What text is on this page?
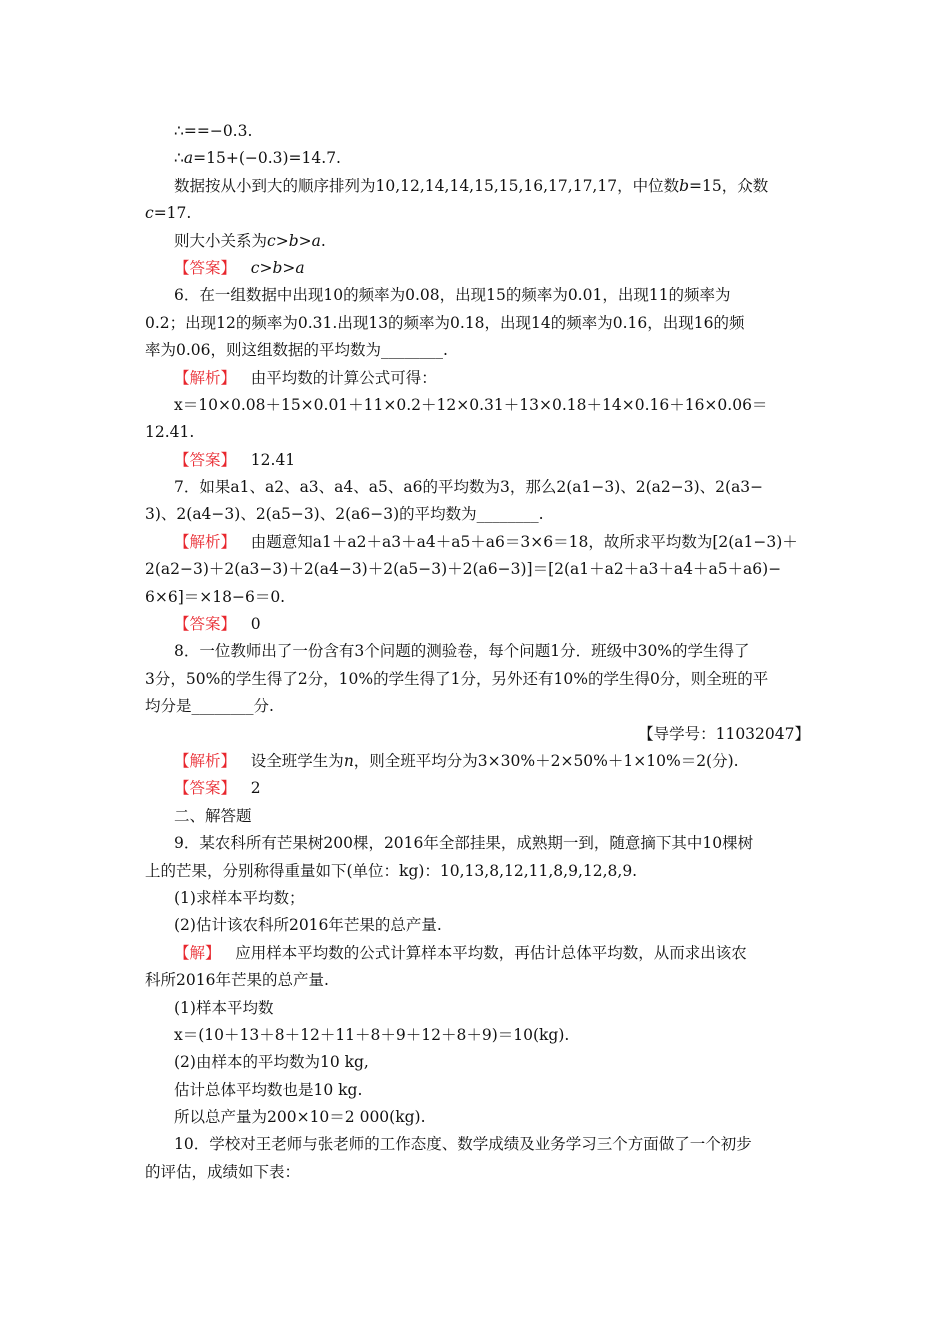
∴==−0.3.
∴a=15+(−0.3)=14.7.
数据按从小到大的顺序排列为10,12,14,14,15,15,16,17,17,17，中位数b=15，众数
c=17.
则大小关系为c>b>a.
【答案】 c>b>a
6．在一组数据中出现10的频率为0.08，出现15的频率为0.01，出现11的频率为
0.2；出现12的频率为0.31.出现13的频率为0.18，出现14的频率为0.16，出现16的频
率为0.06，则这组数据的平均数为________.
【解析】 由平均数的计算公式可得：
x＝10×0.08＋15×0.01＋11×0.2＋12×0.31＋13×0.18＋14×0.16＋16×0.06＝
12.41.
【答案】 12.41
7．如果a1、a2、a3、a4、a5、a6的平均数为3，那么2(a1−3)、2(a2−3)、2(a3−
3)、2(a4−3)、2(a5−3)、2(a6−3)的平均数为________.
【解析】 由题意知a1＋a2＋a3＋a4＋a5＋a6＝3×6＝18，故所求平均数为[2(a1−3)＋
2(a2−3)＋2(a3−3)＋2(a4−3)＋2(a5−3)＋2(a6−3)]＝[2(a1＋a2＋a3＋a4＋a5＋a6)−
6×6]＝×18−6＝0.
【答案】 0
8．一位教师出了一份含有3个问题的测验卷，每个问题1分．班级中30%的学生得了
3分，50%的学生得了2分，10%的学生得了1分，另外还有10%的学生得0分，则全班的平
均分是________分.
【导学号：11032047】
【解析】 设全班学生为n，则全班平均分为3×30%＋2×50%＋1×10%＝2(分).
【答案】 2
二、解答题
9．某农科所有芒果树200棵，2016年全部挂果，成熟期一到，随意摘下其中10棵树
上的芒果，分别称得重量如下(单位：kg)：10,13,8,12,11,8,9,12,8,9.
(1)求样本平均数；
(2)估计该农科所2016年芒果的总产量.
【解】 应用样本平均数的公式计算样本平均数，再估计总体平均数，从而求出该农
科所2016年芒果的总产量.
(1)样本平均数
x＝(10＋13＋8＋12＋11＋8＋9＋12＋8＋9)＝10(kg).
(2)由样本的平均数为10 kg,
估计总体平均数也是10 kg.
所以总产量为200×10＝2 000(kg).
10．学校对王老师与张老师的工作态度、数学成绩及业务学习三个方面做了一个初步
的评估，成绩如下表：
